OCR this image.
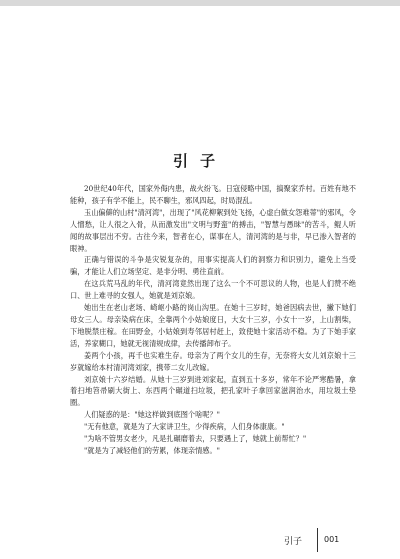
引子

20世纪40年代，国家外侮内患，战火纷飞。日寇侵略中国，搞聚家乔村。百姓有地不能种，孩子有学不能上，民不聊生，邪风四起，时局混乱。

玉山偏僻的山村"清河湾"，出现了"风花柳絮到处飞扬，心虚白做女怨难蒂"的邪风，令人憎愁，让人很之入骨，从而激发出"文明与野蛮"的搏击，"智慧与愚昧"的苦斗，鲲人听闻的故事层出不穷。古往今来，智者在心，谋事在人，清河湾的是与非，早已渗入智者的眼神。

正确与错误的斗争是灾锐复杂的，用事实提高人们的洞察力和识别力，避免上当受骗，才能让人们立场坚定、是非分明、勇往直前。

在这兵荒马乱的年代，清河湾竟然出现了这么一个不可思议的人物，也是人们赞不绝口、世上难寻的女强人，她就是刘京娘。

她出生在老山老场、崎岖小路的岗山沟里。在她十三岁时，她爸因病去世，撇下她们母女三人。母亲染病在床，全靠两个小姑娘度日，大女十三岁，小女十一岁，上山割柴，下地脱禁庄稼。在田野金，小姑娘到寿邻居村赶上，致使她十家活动不稳。为了下她手家活，养家糊口，她就无视清规成律，去传播卸布子。

姜两个小孩，再千也实难生存。母亲为了两个女儿的生存，无奈将大女儿刘京娘十三岁就嫁给本村清河湾刘家，携带二女儿改嫁。

刘京娘十六岁结婚。从她十三岁到进刘家起，直到五十多岁，常年不论严寒酷暑，拿着扫地笤帚刷大街上、东西两个碾道扫垃圾，把孔家叶子拿回家滋润治水，用垃圾土垫圈。

人们疑惑的是："她这样做到底图个啥呢？"

"无有他意，就是为了大家讲卫生，少得疾病，人们身体康康。"

"为啥不管男女老少，凡是扎碾磨着去，只要遇上了，她就上前帮忙？"

"就是为了减轻他们的劳累，体现亲情感。"

引子	001
